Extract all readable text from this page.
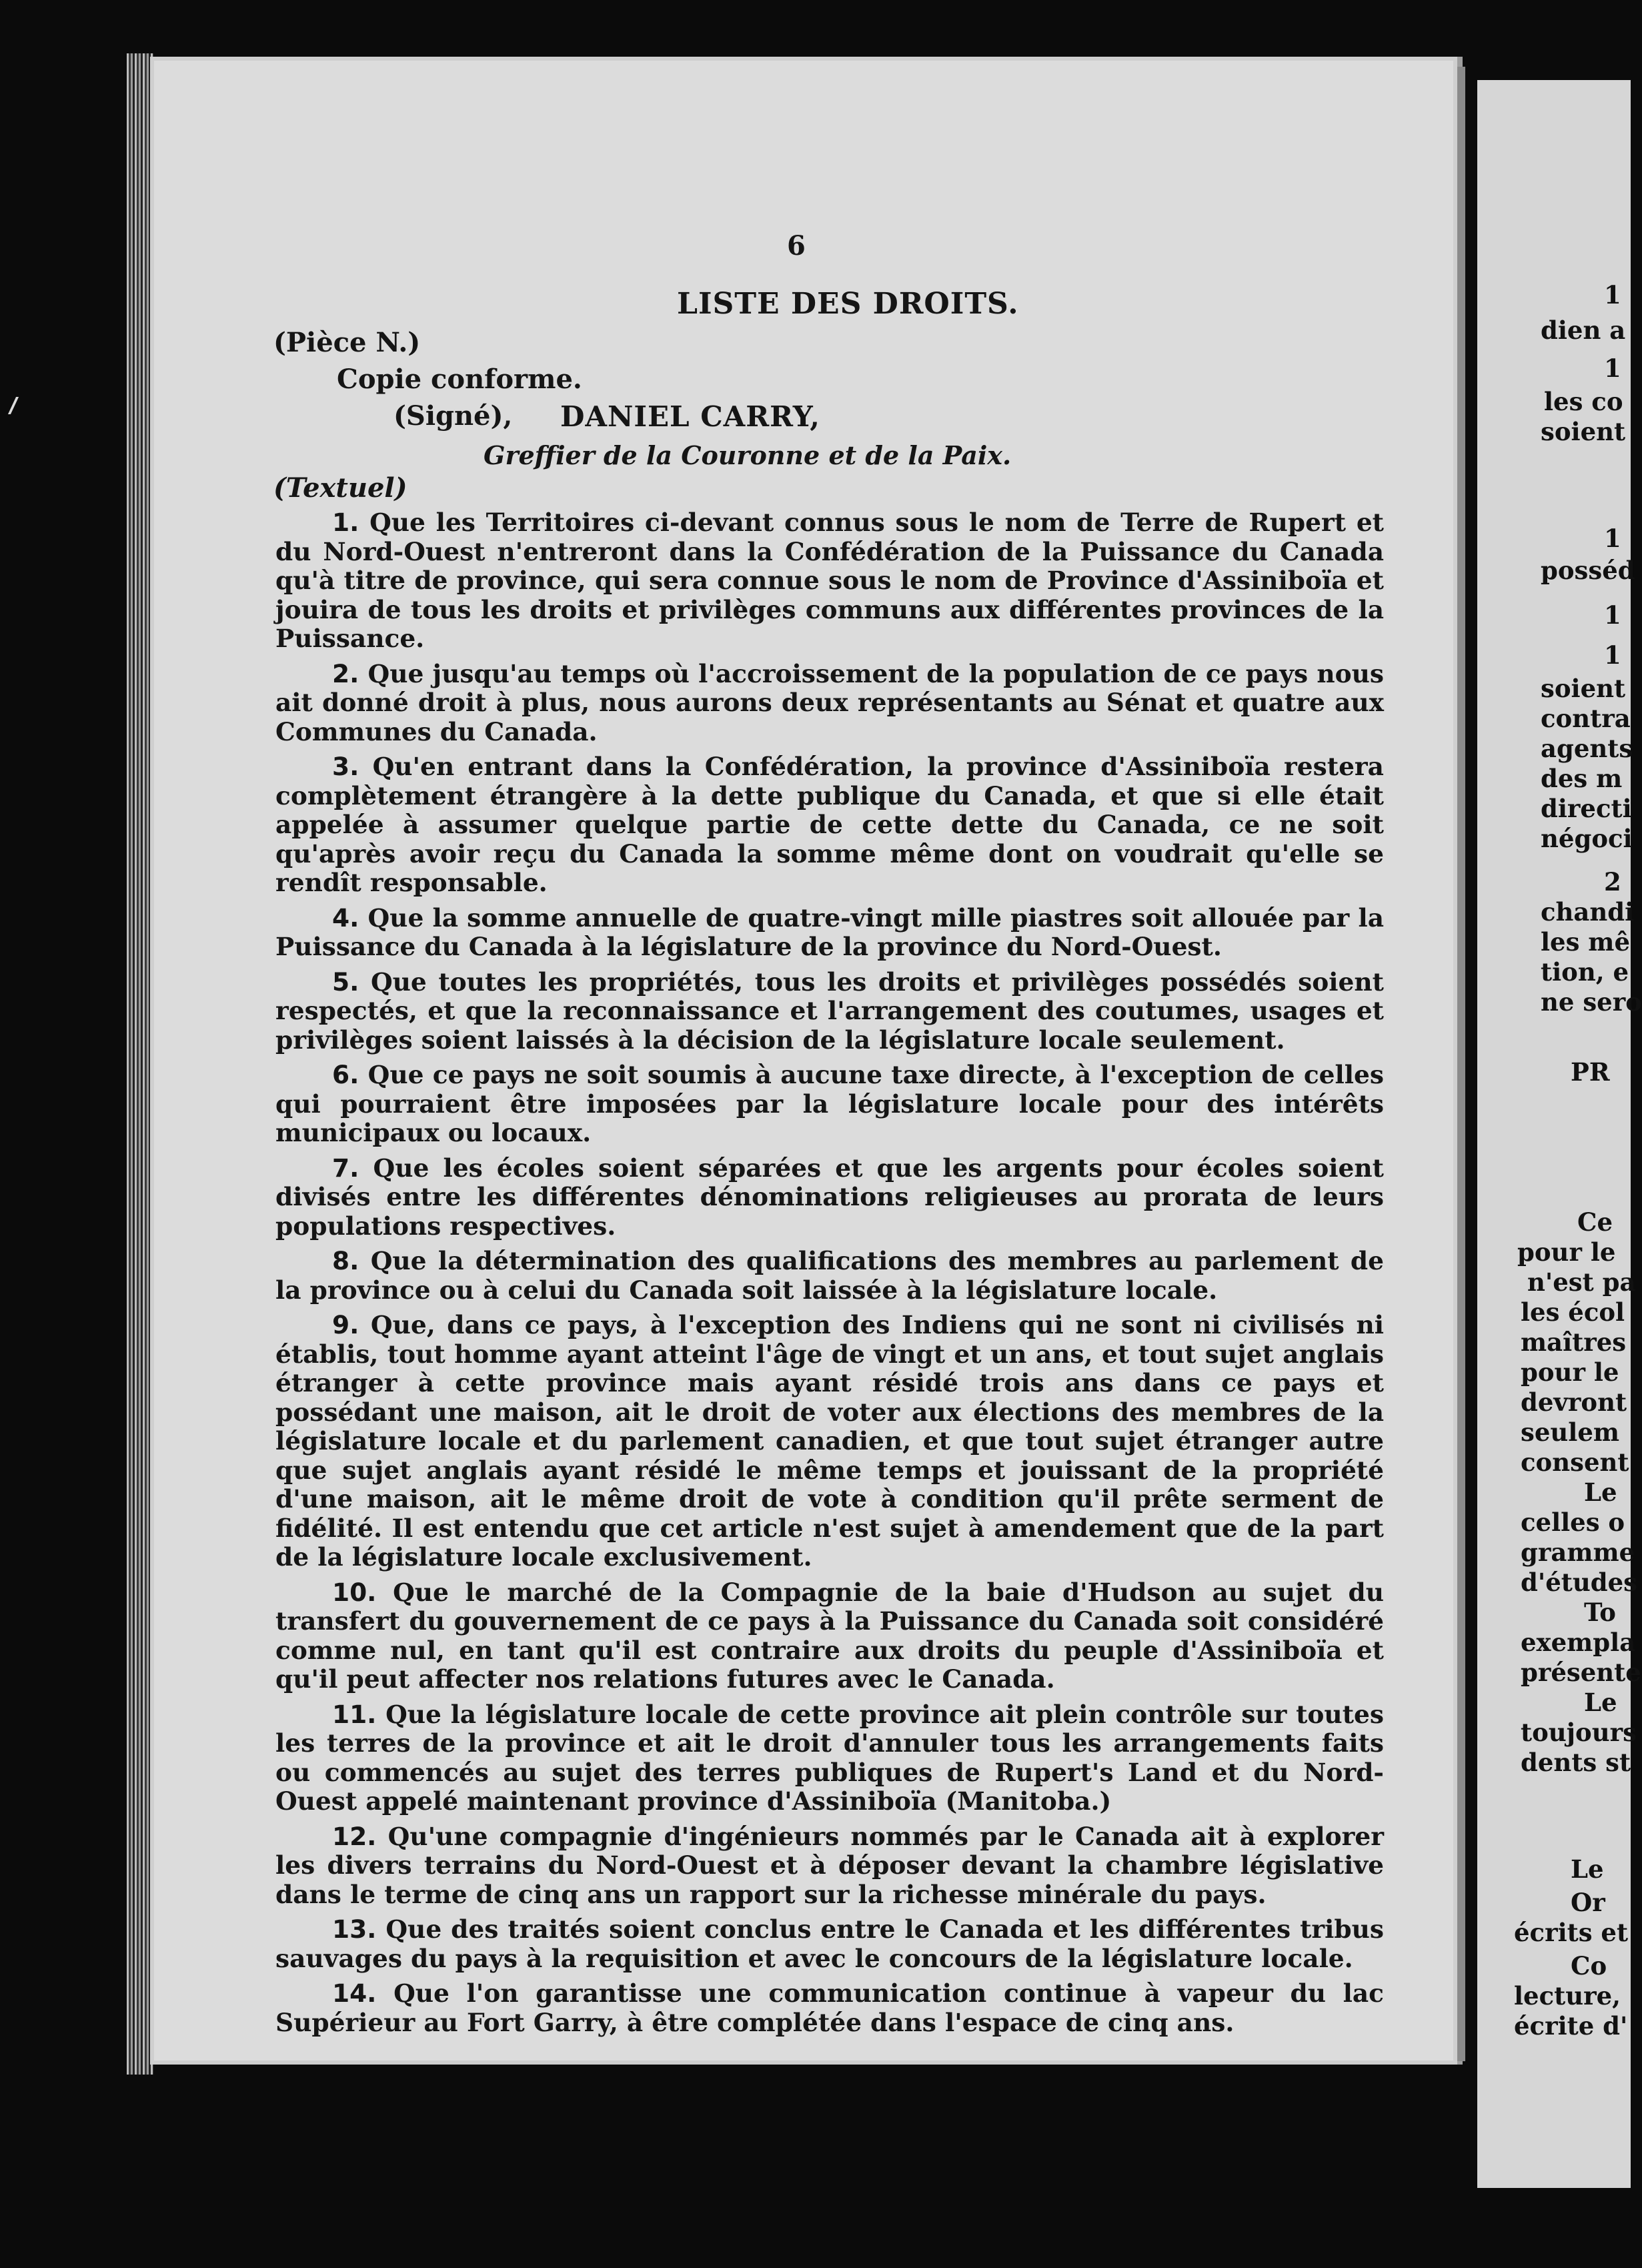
6
LISTE DES DROITS.
(Pièce N.)
Copie conforme.
(Signé), DANIEL CARRY,
Greffier de la Couronne et de la Paix.
(Textuel)

1. Que les Territoires ci-devant connus sous le nom de Terre de Rupert et du Nord-Ouest n'entreront dans la Confédération de la Puissance du Canada qu'à titre de province, qui sera connue sous le nom de Province d'Assiniboïa et jouira de tous les droits et privilèges communs aux différentes provinces de la Puissance.

2. Que jusqu'au temps où l'accroissement de la population de ce pays nous ait donné droit à plus, nous aurons deux représentants au Sénat et quatre aux Communes du Canada.

3. Qu'en entrant dans la Confédération, la province d'Assiniboïa restera complètement étrangère à la dette publique du Canada, et que si elle était appelée à assumer quelque partie de cette dette du Canada, ce ne soit qu'après avoir reçu du Canada la somme même dont on voudrait qu'elle se rendît responsable.

4. Que la somme annuelle de quatre-vingt mille piastres soit allouée par la Puissance du Canada à la législature de la province du Nord-Ouest.

5. Que toutes les propriétés, tous les droits et privilèges possédés soient respectés, et que la reconnaissance et l'arrangement des coutumes, usages et privilèges soient laissés à la décision de la législature locale seulement.

6. Que ce pays ne soit soumis à aucune taxe directe, à l'exception de celles qui pourraient être imposées par la législature locale pour des intérêts municipaux ou locaux.

7. Que les écoles soient séparées et que les argents pour écoles soient divisés entre les différentes dénominations religieuses au prorata de leurs populations respectives.

8. Que la détermination des qualifications des membres au parlement de la province ou à celui du Canada soit laissée à la législature locale.

9. Que, dans ce pays, à l'exception des Indiens qui ne sont ni civilisés ni établis, tout homme ayant atteint l'âge de vingt et un ans, et tout sujet anglais étranger à cette province mais ayant résidé trois ans dans ce pays et possédant une maison, ait le droit de voter aux élections des membres de la législature locale et du parlement canadien, et que tout sujet étranger autre que sujet anglais ayant résidé le même temps et jouissant de la propriété d'une maison, ait le même droit de vote à condition qu'il prête serment de fidélité. Il est entendu que cet article n'est sujet à amendement que de la part de la législature locale exclusivement.

10. Que le marché de la Compagnie de la baie d'Hudson au sujet du transfert du gouvernement de ce pays à la Puissance du Canada soit considéré comme nul, en tant qu'il est contraire aux droits du peuple d'Assiniboïa et qu'il peut affecter nos relations futures avec le Canada.

11. Que la législature locale de cette province ait plein contrôle sur toutes les terres de la province et ait le droit d'annuler tous les arrangements faits ou commencés au sujet des terres publiques de Rupert's Land et du Nord-Ouest appelé maintenant province d'Assiniboïa (Manitoba.)

12. Qu'une compagnie d'ingénieurs nommés par le Canada ait à explorer les divers terrains du Nord-Ouest et à déposer devant la chambre législative dans le terme de cinq ans un rapport sur la richesse minérale du pays.

13. Que des traités soient conclus entre le Canada et les différentes tribus sauvages du pays à la requisition et avec le concours de la législature locale.

14. Que l'on garantisse une communication continue à vapeur du lac Supérieur au Fort Garry, à être complétée dans l'espace de cinq ans.

1
dien a
1
les co
soient
1
posséd
1
1
soient
contra
agents
des m
directi
négoci
2
chandi
les mê
tion, e
ne sero
PR
Ce
pour le
n'est pa
les écol
maîtres
pour le
devront
seulem
consent
Le
celles o
gramme
d'études
To
exempla
présente
Le
toujours
dents st
Le
Or
écrits et
Co
lecture,
écrite d'
